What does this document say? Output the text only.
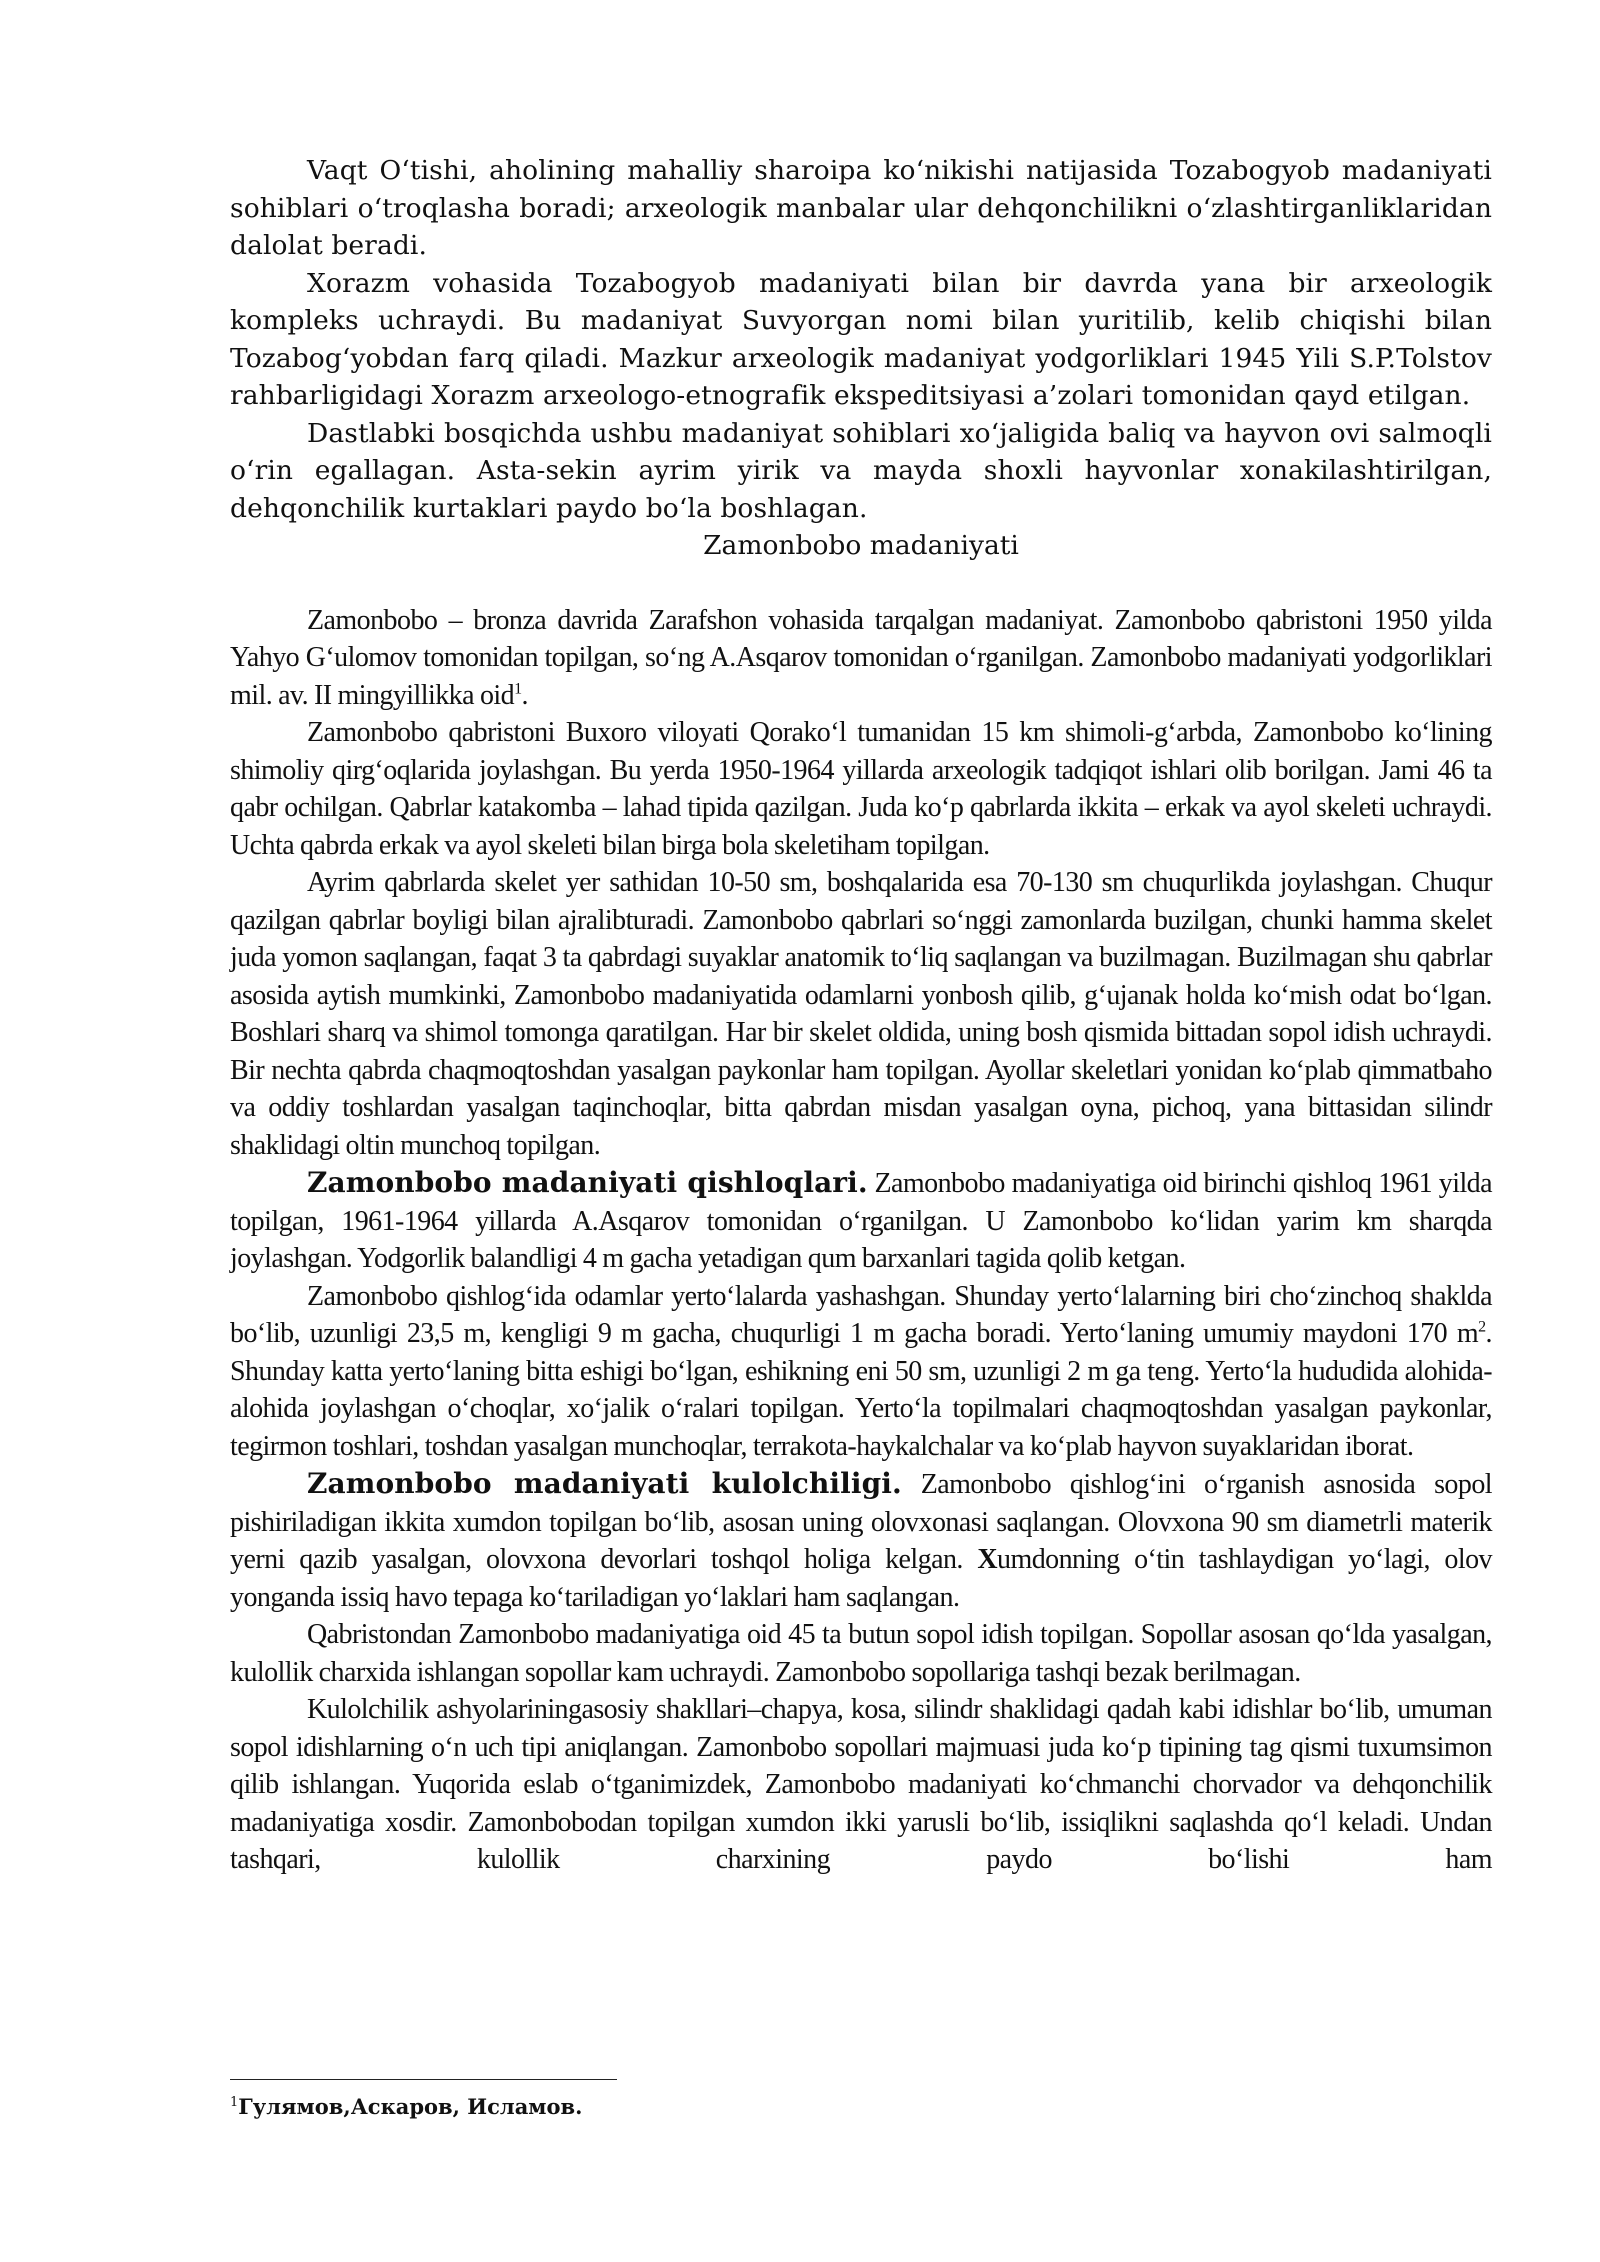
Vaqt O‘tishi, aholining mahalliy sharoipa ko‘nikishi natijasida Tozabogyob madaniyati sohiblari o‘troqlasha boradi; arxeologik manbalar ular dehqonchilikni o‘zlashtirganliklaridan dalolat beradi.

Xorazm vohasida Tozabogyob madaniyati bilan bir davrda yana bir arxeologik kompleks uchraydi. Bu madaniyat Suvyorgan nomi bilan yuritilib, kelib chiqishi bilan Tozabog‘yobdan farq qiladi. Mazkur arxeologik madaniyat yodgorliklari 1945 Yili S.P.Tolstov rahbarligidagi Xorazm arxeologo-etnografik ekspeditsiyasi a’zolari tomonidan qayd etilgan.

Dastlabki bosqichda ushbu madaniyat sohiblari xo‘jaligida baliq va hayvon ovi salmoqli o‘rin egallagan. Asta-sekin ayrim yirik va mayda shoxli hayvonlar xonakilashtirilgan, dehqonchilik kurtaklari paydo bo‘la boshlagan.

Zamonbobo madaniyati

Zamonbobo – bronza davrida Zarafshon vohasida tarqalgan madaniyat. Zamonbobo qabristoni 1950 yilda Yahyo G‘ulomov tomonidan topilgan, so‘ng A.Asqarov tomonidan o‘rganilgan. Zamonbobo madaniyati yodgorliklari mil. av. II mingyillikka oid$^1$.

Zamonbobo qabristoni Buxoro viloyati Qorako‘l tumanidan 15 km shimoli-g‘arbda, Zamonbobo ko‘lining shimoliy qirg‘oqlarida joylashgan. Bu yerda 1950-1964 yillarda arxeologik tadqiqot ishlari olib borilgan. Jami 46 ta qabr ochilgan. Qabrlar katakomba – lahad tipida qazilgan. Juda ko‘p qabrlarda ikkita – erkak va ayol skeleti uchraydi. Uchta qabrda erkak va ayol skeleti bilan birga bola skeletiham topilgan.

Ayrim qabrlarda skelet yer sathidan 10-50 sm, boshqalarida esa 70-130 sm chuqurlikda joylashgan. Chuqur qazilgan qabrlar boyligi bilan ajralibturadi. Zamonbobo qabrlari so‘nggi zamonlarda buzilgan, chunki hamma skelet juda yomon saqlangan, faqat 3 ta qabrdagi suyaklar anatomik to‘liq saqlangan va buzilmagan. Buzilmagan shu qabrlar asosida aytish mumkinki, Zamonbobo madaniyatida odamlarni yonbosh qilib, g‘ujanak holda ko‘mish odat bo‘lgan. Boshlari sharq va shimol tomonga qaratilgan. Har bir skelet oldida, uning bosh qismida bittadan sopol idish uchraydi. Bir nechta qabrda chaqmoqtoshdan yasalgan paykonlar ham topilgan. Ayollar skeletlari yonidan ko‘plab qimmatbaho va oddiy toshlardan yasalgan taqinchoqlar, bitta qabrdan misdan yasalgan oyna, pichoq, yana bittasidan silindr shaklidagi oltin munchoq topilgan.

Zamonbobo madaniyati qishloqlari. Zamonbobo madaniyatiga oid birinchi qishloq 1961 yilda topilgan, 1961-1964 yillarda A.Asqarov tomonidan o‘rganilgan. U Zamonbobo ko‘lidan yarim km sharqda joylashgan. Yodgorlik balandligi 4 m gacha yetadigan qum barxanlari tagida qolib ketgan.

Zamonbobo qishlog‘ida odamlar yerto‘lalarda yashashgan. Shunday yerto‘lalarning biri cho‘zinchoq shaklda bo‘lib, uzunligi 23,5 m, kengligi 9 m gacha, chuqurligi 1 m gacha boradi. Yerto‘laning umumiy maydoni 170 $m^2$. Shunday katta yerto‘laning bitta eshigi bo‘lgan, eshikning eni 50 sm, uzunligi 2 m ga teng. Yerto‘la hududida alohida-alohida joylashgan o‘choqlar, xo‘jalik o‘ralari topilgan. Yerto‘la topilmalari chaqmoqtoshdan yasalgan paykonlar, tegirmon toshlari, toshdan yasalgan munchoqlar, terrakota-haykalchalar va ko‘plab hayvon suyaklaridan iborat.

Zamonbobo madaniyati kulolchiligi. Zamonbobo qishlog‘ini o‘rganish asnosida sopol pishiriladigan ikkita xumdon topilgan bo‘lib, asosan uning olovxonasi saqlangan. Olovxona 90 sm diametrli materik yerni qazib yasalgan, olovxona devorlari toshqol holiga kelgan. Xumdonning o‘tin tashlaydigan yo‘lagi, olov yonganda issiq havo tepaga ko‘tariladigan yo‘laklari ham saqlangan.

Qabristondan Zamonbobo madaniyatiga oid 45 ta butun sopol idish topilgan. Sopollar asosan qo‘lda yasalgan, kulollik charxida ishlangan sopollar kam uchraydi. Zamonbobo sopollariga tashqi bezak berilmagan.

Kulolchilik ashyolariningasosiy shakllari–chapya, kosa, silindr shaklidagi qadah kabi idishlar bo‘lib, umuman sopol idishlarning o‘n uch tipi aniqlangan. Zamonbobo sopollari majmuasi juda ko‘p tipining tag qismi tuxumsimon qilib ishlangan. Yuqorida eslab o‘tganimizdek, Zamonbobo madaniyati ko‘chmanchi chorvador va dehqonchilik madaniyatiga xosdir. Zamonbobodan topilgan xumdon ikki yarusli bo‘lib, issiqlikni saqlashda qo‘l keladi. Undan tashqari, kulollik charxining paydo bo‘lishi ham

$^1$Гулямов,Аскаров, Исламов.
